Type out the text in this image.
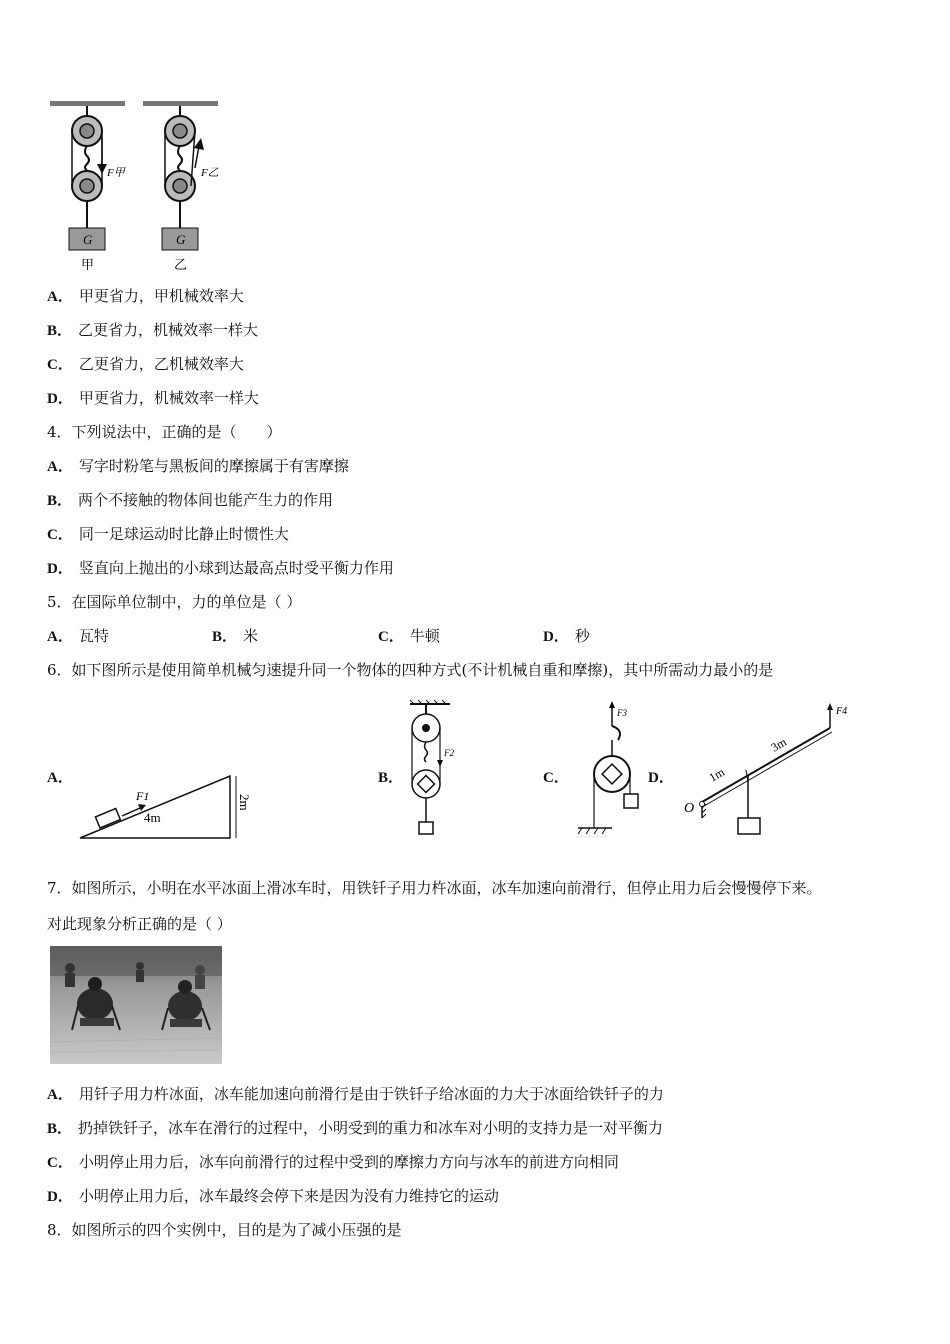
G
F甲
甲
G
F乙
乙
A． 甲更省力，甲机械效率大
B． 乙更省力，机械效率一样大
C． 乙更省力，乙机械效率大
D． 甲更省力，机械效率一样大
4．下列说法中，正确的是（　　）
A． 写字时粉笔与黑板间的摩擦属于有害摩擦
B． 两个不接触的物体间也能产生力的作用
C． 同一足球运动时比静止时惯性大
D． 竖直向上抛出的小球到达最高点时受平衡力作用
5．在国际单位制中，力的单位是（ ）
A． 瓦特	B． 米	C． 牛顿	D． 秒
6．如下图所示是使用简单机械匀速提升同一个物体的四种方式(不计机械自重和摩擦)，其中所需动力最小的是
A．
F1
4m
2m
B．
F2
C．
F3
D．
O
F4
1m
3m
7．如图所示，小明在水平冰面上滑冰车时，用铁钎子用力杵冰面，冰车加速向前滑行，但停止用力后会慢慢停下来。
对此现象分析正确的是（ ）
A． 用钎子用力杵冰面，冰车能加速向前滑行是由于铁钎子给冰面的力大于冰面给铁钎子的力
B． 扔掉铁钎子，冰车在滑行的过程中，小明受到的重力和冰车对小明的支持力是一对平衡力
C． 小明停止用力后，冰车向前滑行的过程中受到的摩擦力方向与冰车的前进方向相同
D． 小明停止用力后，冰车最终会停下来是因为没有力维持它的运动
8．如图所示的四个实例中，目的是为了减小压强的是
